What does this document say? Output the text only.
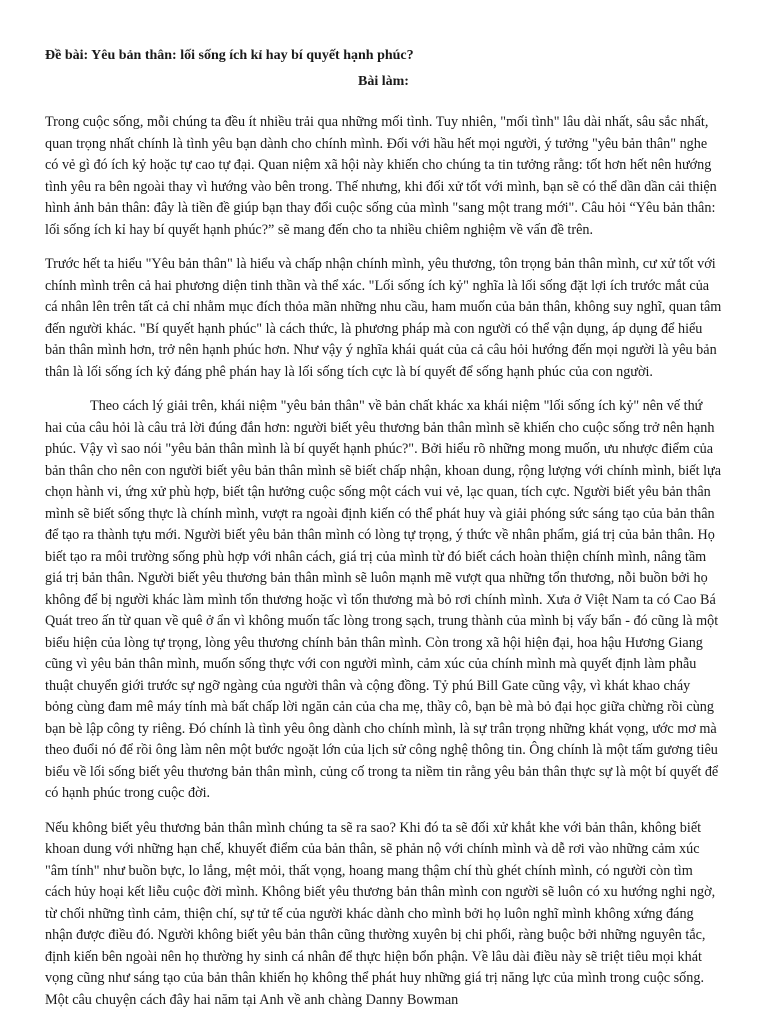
Đề bài: Yêu bản thân: lối sống ích kỉ hay bí quyết hạnh phúc?
Bài làm:

Trong cuộc sống, mỗi chúng ta đều ít nhiều trải qua những mối tình. Tuy nhiên, "mối tình" lâu dài nhất, sâu sắc nhất, quan trọng nhất chính là tình yêu bạn dành cho chính mình. Đối với hầu hết mọi người, ý tưởng "yêu bản thân" nghe có vẻ gì đó ích kỷ hoặc tự cao tự đại. Quan niệm xã hội này khiến cho chúng ta tin tưởng rằng: tốt hơn hết nên hướng tình yêu ra bên ngoài thay vì hướng vào bên trong. Thế nhưng, khi đối xử tốt với mình, bạn sẽ có thể dần dần cải thiện hình ảnh bản thân: đây là tiền đề giúp bạn thay đổi cuộc sống của mình "sang một trang mới". Câu hỏi “Yêu bản thân: lối sống ích kỉ hay bí quyết hạnh phúc?” sẽ mang đến cho ta nhiều chiêm nghiệm về vấn đề trên.

Trước hết ta hiểu "Yêu bản thân" là hiểu và chấp nhận chính mình, yêu thương, tôn trọng bản thân mình, cư xử tốt với chính mình trên cả hai phương diện tinh thần và thể xác. "Lối sống ích kỷ" nghĩa là lối sống đặt lợi ích trước mắt của cá nhân lên trên tất cả chỉ nhằm mục đích thỏa mãn những nhu cầu, ham muốn của bản thân, không suy nghĩ, quan tâm đến người khác. "Bí quyết hạnh phúc" là cách thức, là phương pháp mà con người có thể vận dụng, áp dụng để hiểu bản thân mình hơn, trở nên hạnh phúc hơn. Như vậy ý nghĩa khái quát của cả câu hỏi hướng đến mọi người là yêu bản thân là lối sống ích kỷ đáng phê phán hay là lối sống tích cực là bí quyết để sống hạnh phúc của con người.

Theo cách lý giải trên, khái niệm "yêu bản thân" về bản chất khác xa khái niệm "lối sống ích kỷ" nên vế thứ hai của câu hỏi là câu trả lời đúng đắn hơn: người biết yêu thương bản thân mình sẽ khiến cho cuộc sống trở nên hạnh phúc. Vậy vì sao nói "yêu bản thân mình là bí quyết hạnh phúc?". Bởi hiểu rõ những mong muốn, ưu nhược điểm của bản thân cho nên con người biết yêu bản thân mình sẽ biết chấp nhận, khoan dung, rộng lượng với chính mình, biết lựa chọn hành vi, ứng xử phù hợp, biết tận hưởng cuộc sống một cách vui vẻ, lạc quan, tích cực. Người biết yêu bản thân mình sẽ biết sống thực là chính mình, vượt ra ngoài định kiến có thể phát huy và giải phóng sức sáng tạo của bản thân để tạo ra thành tựu mới. Người biết yêu bản thân mình có lòng tự trọng, ý thức về nhân phẩm, giá trị của bản thân. Họ biết tạo ra môi trường sống phù hợp với nhân cách, giá trị của mình từ đó biết cách hoàn thiện chính mình, nâng tầm giá trị bản thân. Người biết yêu thương bản thân mình sẽ luôn mạnh mẽ vượt qua những tổn thương, nỗi buồn bởi họ không để bị người khác làm mình tổn thương hoặc vì tổn thương mà bỏ rơi chính mình. Xưa ở Việt Nam ta có Cao Bá Quát treo ấn từ quan về quê ở ẩn vì không muốn tấc lòng trong sạch, trung thành của mình bị vấy bẩn - đó cũng là một biểu hiện của lòng tự trọng, lòng yêu thương chính bản thân mình. Còn trong xã hội hiện đại, hoa hậu Hương Giang cũng vì yêu bản thân mình, muốn sống thực với con người mình, cảm xúc của chính mình mà quyết định làm phẫu thuật chuyển giới trước sự ngỡ ngàng của người thân và cộng đồng. Tỷ phú Bill Gate cũng vậy, vì khát khao cháy bỏng cùng đam mê máy tính mà bất chấp lời ngăn cản của cha mẹ, thầy cô, bạn bè mà bỏ đại học giữa chừng rồi cùng bạn bè lập công ty riêng. Đó chính là tình yêu ông dành cho chính mình, là sự trân trọng những khát vọng, ước mơ mà theo đuổi nó để rồi ông làm nên một bước ngoặt lớn của lịch sử công nghệ thông tin. Ông chính là một tấm gương tiêu biểu về lối sống biết yêu thương bản thân mình, củng cố trong ta niềm tin rằng yêu bản thân thực sự là một bí quyết để có hạnh phúc trong cuộc đời.

Nếu không biết yêu thương bản thân mình chúng ta sẽ ra sao? Khi đó ta sẽ đối xử khắt khe với bản thân, không biết khoan dung với những hạn chế, khuyết điểm của bản thân, sẽ phản nộ với chính mình và dễ rơi vào những cảm xúc "âm tính" như buồn bực, lo lắng, mệt mỏi, thất vọng, hoang mang thậm chí thù ghét chính mình, có người còn tìm cách hủy hoại kết liễu cuộc đời mình. Không biết yêu thương bản thân mình con người sẽ luôn có xu hướng nghi ngờ, từ chối những tình cảm, thiện chí, sự tử tế của người khác dành cho mình bởi họ luôn nghĩ mình không xứng đáng nhận được điều đó. Người không biết yêu bản thân cũng thường xuyên bị chi phối, ràng buộc bởi những nguyên tắc, định kiến bên ngoài nên họ thường hy sinh cá nhân để thực hiện bổn phận. Về lâu dài điều này sẽ triệt tiêu mọi khát vọng cũng như sáng tạo của bản thân khiến họ không thể phát huy những giá trị năng lực của mình trong cuộc sống. Một câu chuyện cách đây hai năm tại Anh về anh chàng Danny Bowman
